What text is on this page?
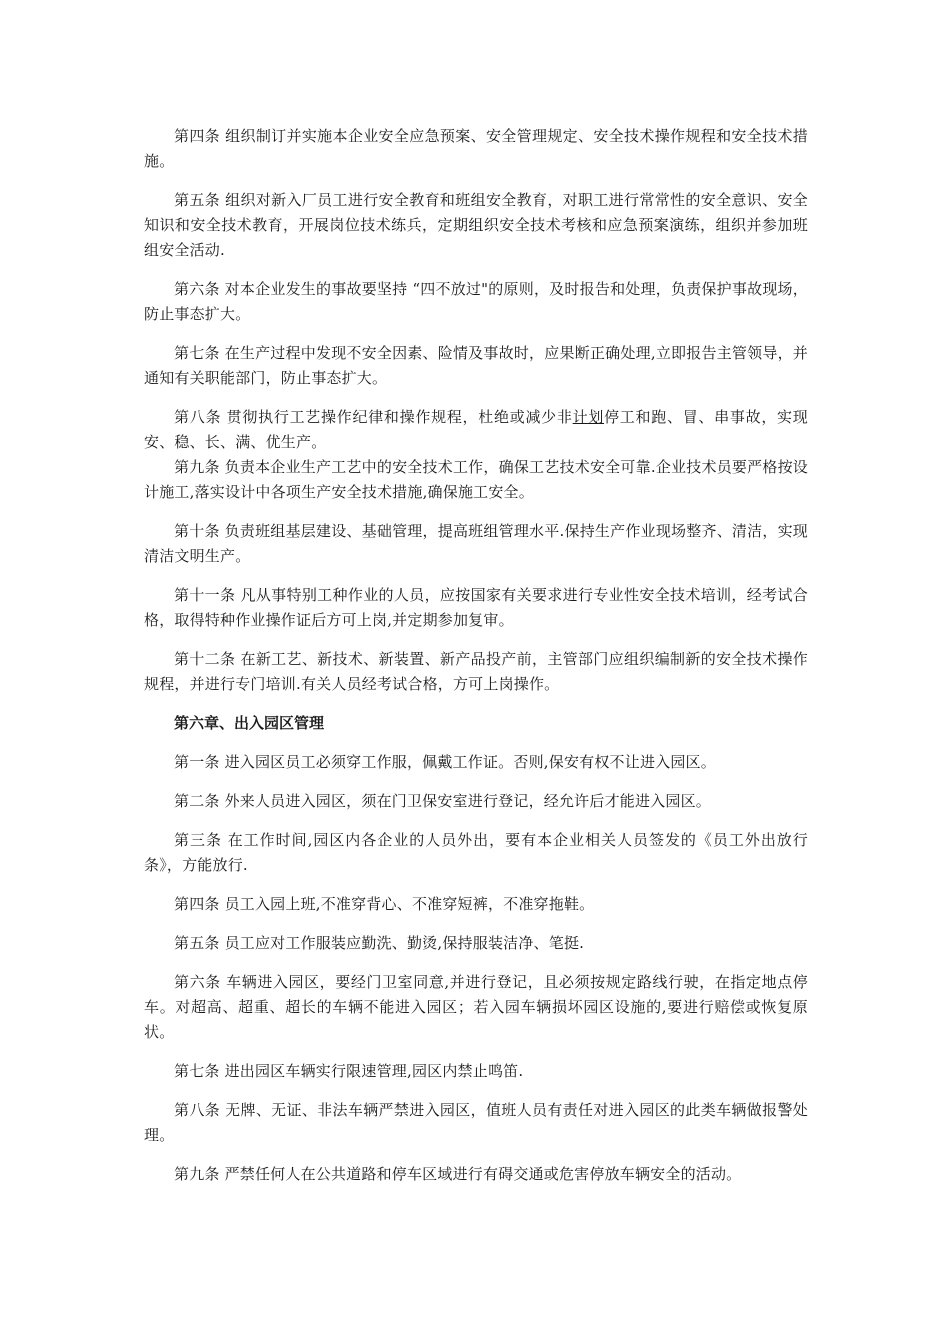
第四条 组织制订并实施本企业安全应急预案、安全管理规定、安全技术操作规程和安全技术措施。

第五条 组织对新入厂员工进行安全教育和班组安全教育，对职工进行常常性的安全意识、安全知识和安全技术教育，开展岗位技术练兵，定期组织安全技术考核和应急预案演练，组织并参加班组安全活动.

第六条 对本企业发生的事故要坚持 “四不放过"的原则，及时报告和处理，负责保护事故现场，防止事态扩大。

第七条 在生产过程中发现不安全因素、险情及事故时，应果断正确处理,立即报告主管领导，并通知有关职能部门，防止事态扩大。

第八条 贯彻执行工艺操作纪律和操作规程，杜绝或减少非计划停工和跑、冒、串事故，实现安、稳、长、满、优生产。

第九条 负责本企业生产工艺中的安全技术工作，确保工艺技术安全可靠.企业技术员要严格按设计施工,落实设计中各项生产安全技术措施,确保施工安全。

第十条 负责班组基层建设、基础管理，提高班组管理水平.保持生产作业现场整齐、清洁，实现清洁文明生产。

第十一条 凡从事特别工种作业的人员，应按国家有关要求进行专业性安全技术培训，经考试合格，取得特种作业操作证后方可上岗,并定期参加复审。

第十二条 在新工艺、新技术、新装置、新产品投产前，主管部门应组织编制新的安全技术操作规程，并进行专门培训.有关人员经考试合格，方可上岗操作。

第六章、出入园区管理

第一条 进入园区员工必须穿工作服，佩戴工作证。否则,保安有权不让进入园区。

第二条 外来人员进入园区，须在门卫保安室进行登记，经允许后才能进入园区。

第三条 在工作时间,园区内各企业的人员外出，要有本企业相关人员签发的《员工外出放行条》，方能放行.

第四条 员工入园上班,不准穿背心、不准穿短裤，不准穿拖鞋。

第五条 员工应对工作服装应勤洗、勤烫,保持服装洁净、笔挺.

第六条 车辆进入园区，要经门卫室同意,并进行登记，且必须按规定路线行驶，在指定地点停车。对超高、超重、超长的车辆不能进入园区；若入园车辆损坏园区设施的,要进行赔偿或恢复原状。

第七条 进出园区车辆实行限速管理,园区内禁止鸣笛.

第八条 无牌、无证、非法车辆严禁进入园区，值班人员有责任对进入园区的此类车辆做报警处理。

第九条 严禁任何人在公共道路和停车区域进行有碍交通或危害停放车辆安全的活动。
